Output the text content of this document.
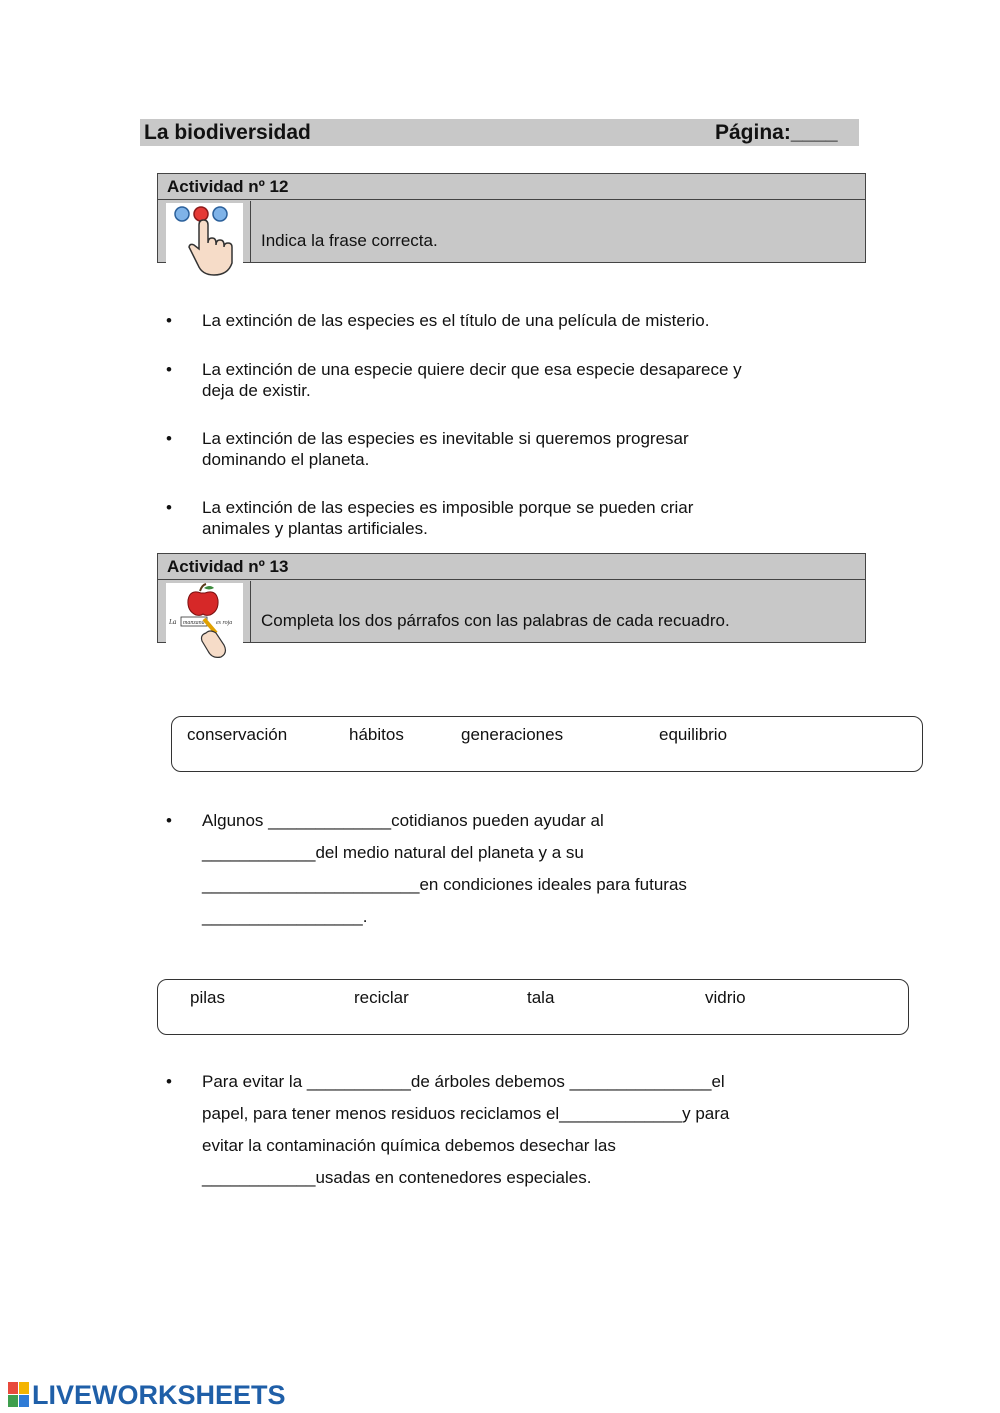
La biodiversidad	Página:____
Actividad nº 12
Indica la frase correcta.
•	La extinción de las especies es el título de una película de misterio.
•	La extinción de una especie quiere decir que esa especie desaparece y
deja de existir.
•	La extinción de las especies es inevitable si queremos progresar
dominando el planeta.
•	La extinción de las especies es imposible porque se pueden criar
animales y plantas artificiales.
Actividad nº 13
La manzana es roja Completa los dos párrafos con las palabras de cada recuadro.
conservación	hábitos	generaciones	equilibrio
• Algunos _____________cotidianos pueden ayudar al
____________del medio natural del planeta y a su
_______________________en condiciones ideales para futuras
_________________.
pilas	reciclar	tala	vidrio
• Para evitar la ___________de árboles debemos _______________el
papel, para tener menos residuos reciclamos el_____________y para
evitar la contaminación química debemos desechar las
____________usadas en contenedores especiales.
LIVEWORKSHEETS
